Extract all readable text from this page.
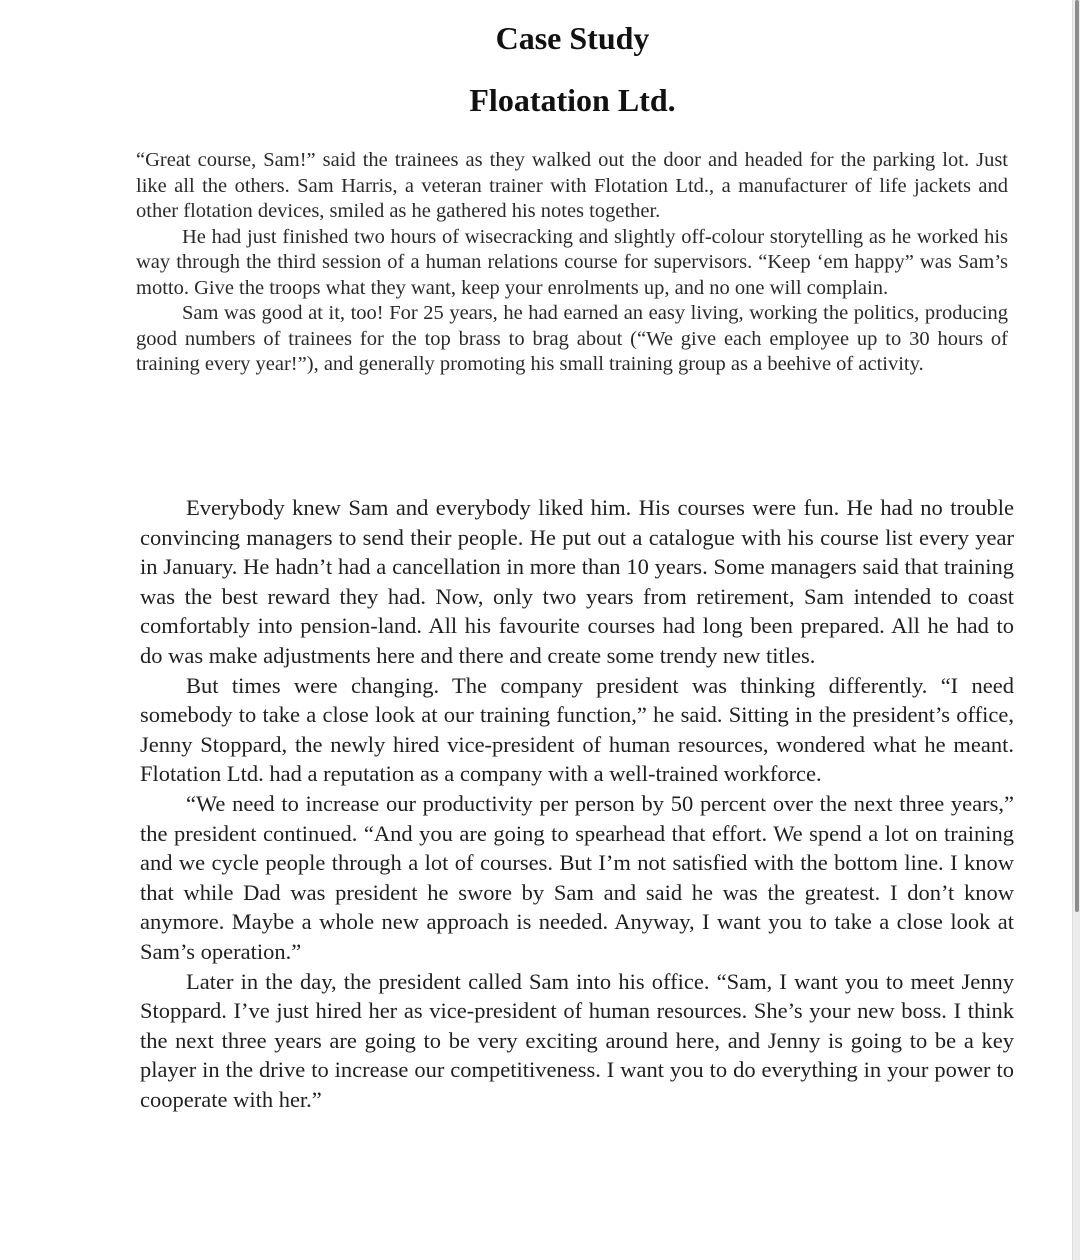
Case Study
Floatation Ltd.

“Great course, Sam!” said the trainees as they walked out the door and headed for the parking lot. Just like all the others. Sam Harris, a veteran trainer with Flotation Ltd., a manufacturer of life jackets and other flotation devices, smiled as he gathered his notes together.

He had just finished two hours of wisecracking and slightly off-colour storytelling as he worked his way through the third session of a human relations course for supervisors. “Keep ‘em happy” was Sam’s motto. Give the troops what they want, keep your enrolments up, and no one will complain.

Sam was good at it, too! For 25 years, he had earned an easy living, working the politics, producing good numbers of trainees for the top brass to brag about (“We give each employee up to 30 hours of training every year!”), and generally promoting his small training group as a beehive of activity.

Everybody knew Sam and everybody liked him. His courses were fun. He had no trouble convincing managers to send their people. He put out a catalogue with his course list every year in January. He hadn’t had a cancellation in more than 10 years. Some managers said that training was the best reward they had. Now, only two years from retirement, Sam intended to coast comfortably into pension-land. All his favourite courses had long been prepared. All he had to do was make adjustments here and there and create some trendy new titles.

But times were changing. The company president was thinking differently. “I need somebody to take a close look at our training function,” he said. Sitting in the president’s office, Jenny Stoppard, the newly hired vice-president of human resources, wondered what he meant. Flotation Ltd. had a reputation as a company with a well-trained workforce.

“We need to increase our productivity per person by 50 percent over the next three years,” the president continued. “And you are going to spearhead that effort. We spend a lot on training and we cycle people through a lot of courses. But I’m not satisfied with the bottom line. I know that while Dad was president he swore by Sam and said he was the greatest. I don’t know anymore. Maybe a whole new approach is needed. Anyway, I want you to take a close look at Sam’s operation.”

Later in the day, the president called Sam into his office. “Sam, I want you to meet Jenny Stoppard. I’ve just hired her as vice-president of human resources. She’s your new boss. I think the next three years are going to be very exciting around here, and Jenny is going to be a key player in the drive to increase our competitiveness. I want you to do everything in your power to cooperate with her.”
